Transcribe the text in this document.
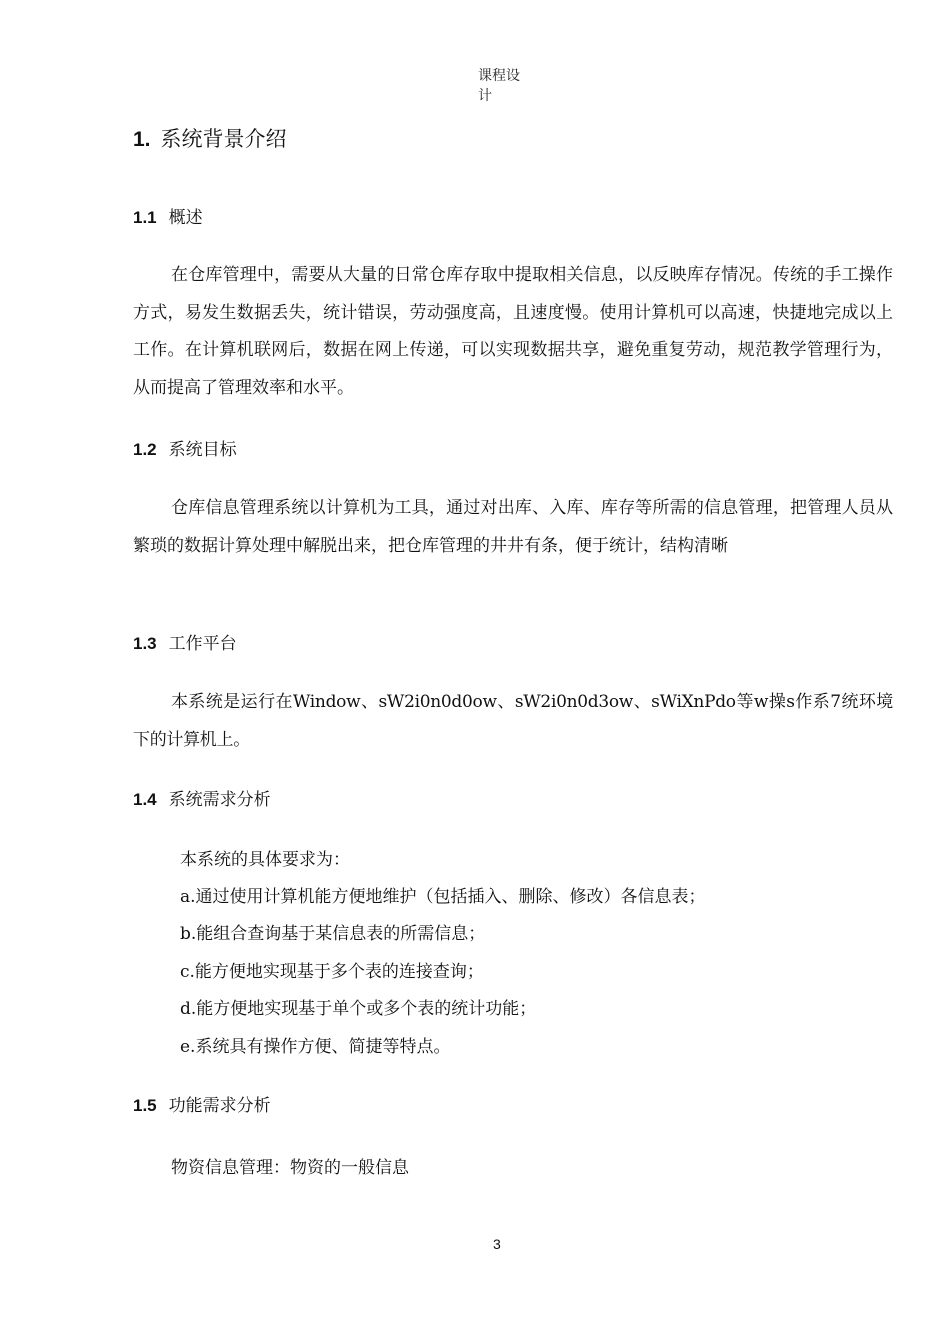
课程设
计
1. 系统背景介绍
1.1 概述
在仓库管理中，需要从大量的日常仓库存取中提取相关信息，以反映库存情况。传统的手工操作方式，易发生数据丢失，统计错误，劳动强度高，且速度慢。使用计算机可以高速，快捷地完成以上工作。在计算机联网后，数据在网上传递，可以实现数据共享，避免重复劳动，规范教学管理行为，从而提高了管理效率和水平。
1.2 系统目标
仓库信息管理系统以计算机为工具，通过对出库、入库、库存等所需的信息管理，把管理人员从繁琐的数据计算处理中解脱出来，把仓库管理的井井有条，便于统计，结构清晰
1.3 工作平台
本系统是运行在Window、sW2i0n0d0ow、sW2i0n0d3ow、sWiXnPdo等w操s作系7统环境下的计算机上。
1.4 系统需求分析
本系统的具体要求为：
a.通过使用计算机能方便地维护（包括插入、删除、修改）各信息表；
b.能组合查询基于某信息表的所需信息；
c.能方便地实现基于多个表的连接查询；
d.能方便地实现基于单个或多个表的统计功能；
e.系统具有操作方便、简捷等特点。
1.5 功能需求分析
物资信息管理：物资的一般信息
3
